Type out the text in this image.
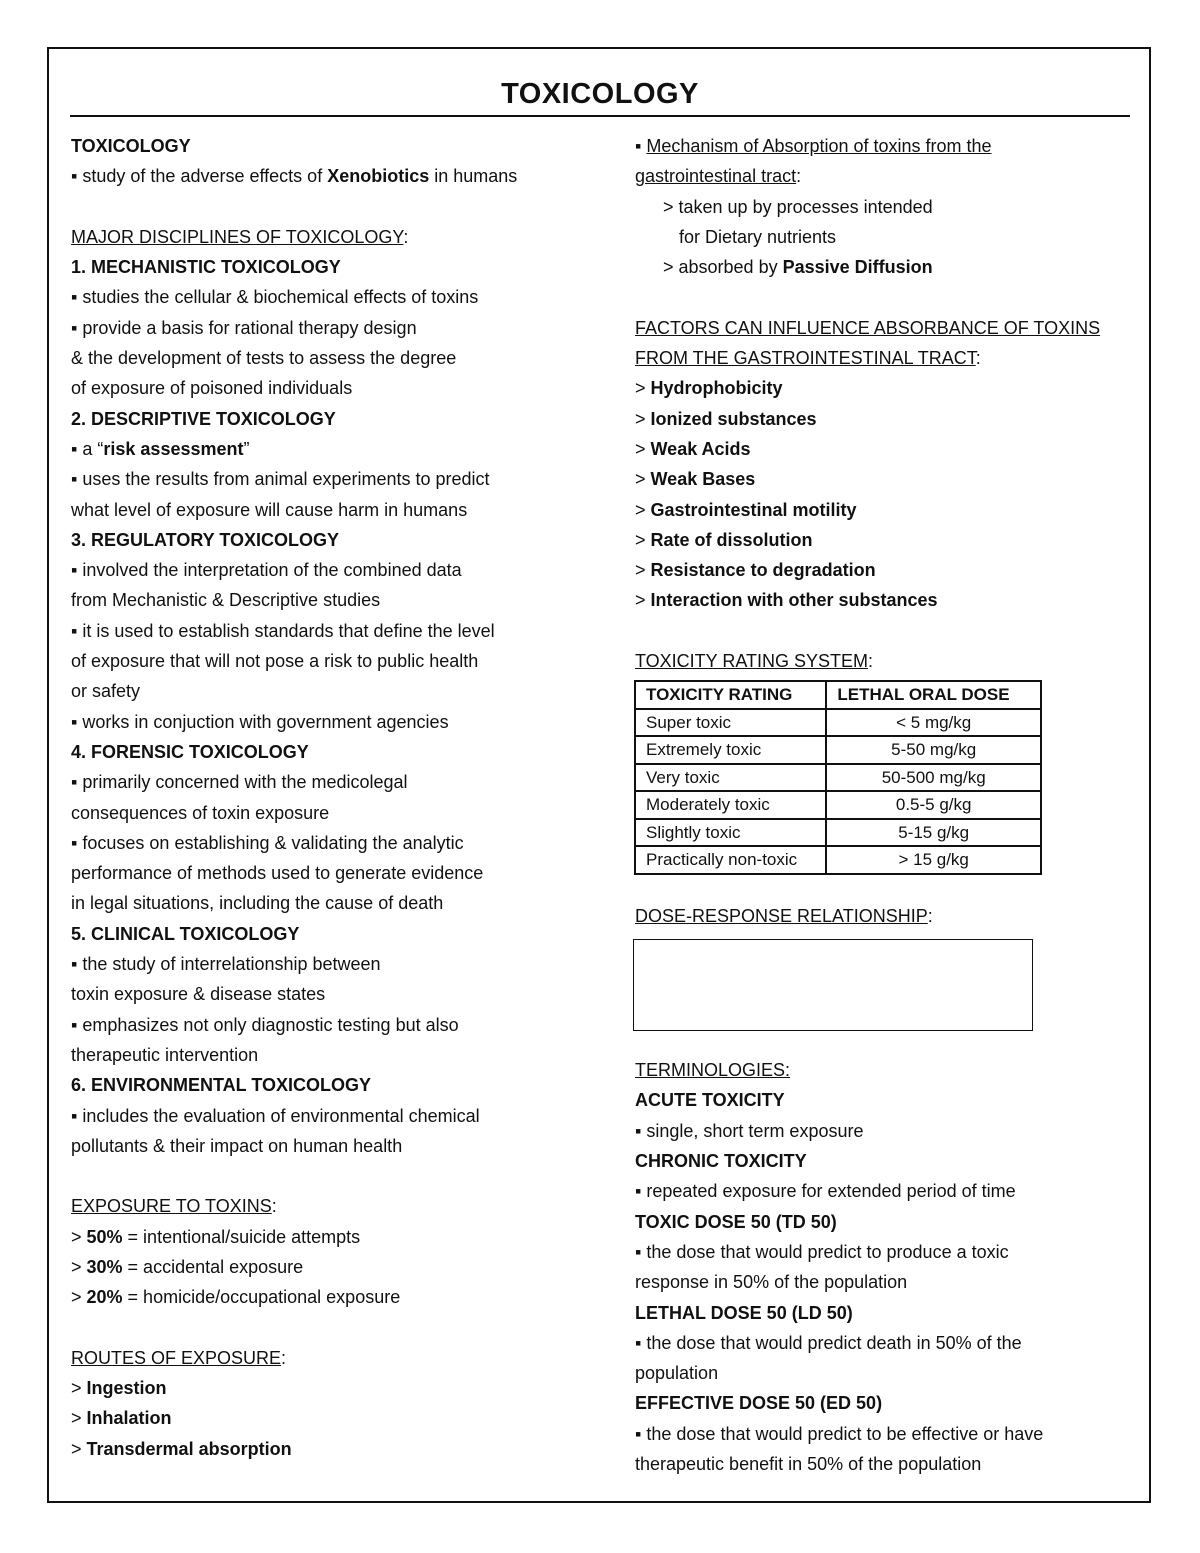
TOXICOLOGY
TOXICOLOGY
▪ study of the adverse effects of Xenobiotics in humans
MAJOR DISCIPLINES OF TOXICOLOGY:
1. MECHANISTIC TOXICOLOGY
▪ studies the cellular & biochemical effects of toxins
▪ provide a basis for rational therapy design
& the development of tests to assess the degree
of exposure of poisoned individuals
2. DESCRIPTIVE TOXICOLOGY
▪ a “risk assessment”
▪ uses the results from animal experiments to predict
what level of exposure will cause harm in humans
3. REGULATORY TOXICOLOGY
▪ involved the interpretation of the combined data
from Mechanistic & Descriptive studies
▪ it is used to establish standards that define the level
of exposure that will not pose a risk to public health
or safety
▪ works in conjuction with government agencies
4. FORENSIC TOXICOLOGY
▪ primarily concerned with the medicolegal
consequences of toxin exposure
▪ focuses on establishing & validating the analytic
performance of methods used to generate evidence
in legal situations, including the cause of death
5. CLINICAL TOXICOLOGY
▪ the study of interrelationship between
toxin exposure & disease states
▪ emphasizes not only diagnostic testing but also
therapeutic intervention
6. ENVIRONMENTAL TOXICOLOGY
▪ includes the evaluation of environmental chemical
pollutants & their impact on human health
EXPOSURE TO TOXINS:
> 50% = intentional/suicide attempts
> 30% = accidental exposure
> 20% = homicide/occupational exposure
ROUTES OF EXPOSURE:
> Ingestion
> Inhalation
> Transdermal absorption
▪ Mechanism of Absorption of toxins from the
gastrointestinal tract:
> taken up by processes intended
for Dietary nutrients
> absorbed by Passive Diffusion
FACTORS CAN INFLUENCE ABSORBANCE OF TOXINS
FROM THE GASTROINTESTINAL TRACT:
> Hydrophobicity
> Ionized substances
> Weak Acids
> Weak Bases
> Gastrointestinal motility
> Rate of dissolution
> Resistance to degradation
> Interaction with other substances
TOXICITY RATING SYSTEM:
TOXICITY RATING	LETHAL ORAL DOSE
Super toxic	< 5 mg/kg
Extremely toxic	5-50 mg/kg
Very toxic	50-500 mg/kg
Moderately toxic	0.5-5 g/kg
Slightly toxic	5-15 g/kg
Practically non-toxic	> 15 g/kg
DOSE-RESPONSE RELATIONSHIP:
TERMINOLOGIES:
ACUTE TOXICITY
▪ single, short term exposure
CHRONIC TOXICITY
▪ repeated exposure for extended period of time
TOXIC DOSE 50 (TD 50)
▪ the dose that would predict to produce a toxic
response in 50% of the population
LETHAL DOSE 50 (LD 50)
▪ the dose that would predict death in 50% of the
population
EFFECTIVE DOSE 50 (ED 50)
▪ the dose that would predict to be effective or have
therapeutic benefit in 50% of the population
